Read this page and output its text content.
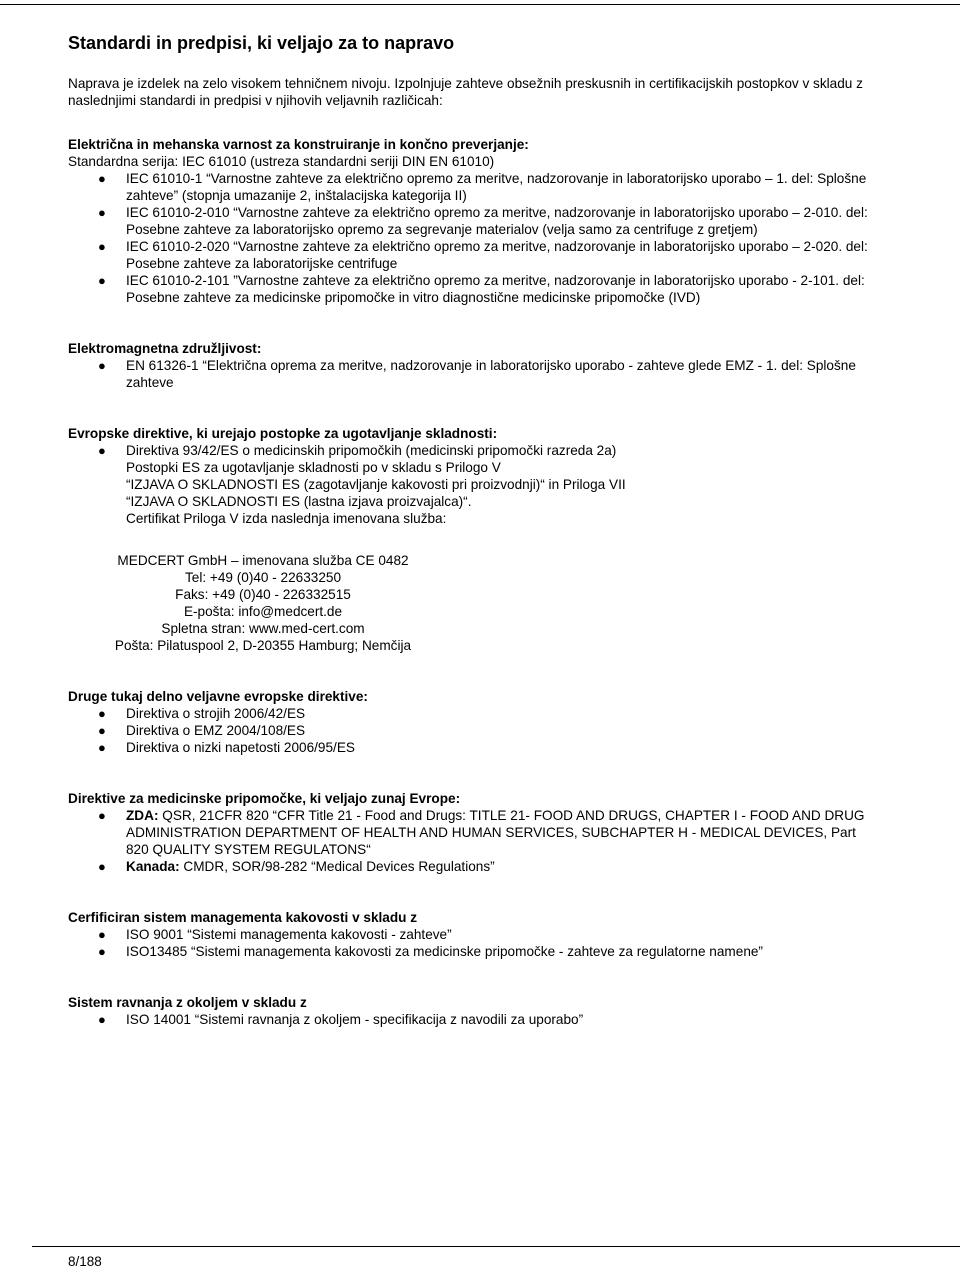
Standardi in predpisi, ki veljajo za to napravo

Naprava je izdelek na zelo visokem tehničnem nivoju. Izpolnjuje zahteve obsežnih preskusnih in certifikacijskih postopkov v skladu z naslednjimi standardi in predpisi v njihovih veljavnih različicah:

Električna in mehanska varnost za konstruiranje in končno preverjanje:

Standardna serija: IEC 61010 (ustreza standardni seriji DIN EN 61010)

● IEC 61010-1 “Varnostne zahteve za električno opremo za meritve, nadzorovanje in laboratorijsko uporabo – 1. del: Splošne zahteve” (stopnja umazanije 2, inštalacijska kategorija II)
● IEC 61010-2-010 “Varnostne zahteve za električno opremo za meritve, nadzorovanje in laboratorijsko uporabo – 2-010. del: Posebne zahteve za laboratorijsko opremo za segrevanje materialov (velja samo za centrifuge z gretjem)
● IEC 61010-2-020 “Varnostne zahteve za električno opremo za meritve, nadzorovanje in laboratorijsko uporabo – 2-020. del: Posebne zahteve za laboratorijske centrifuge
● IEC 61010-2-101 ”Varnostne zahteve za električno opremo za meritve, nadzorovanje in laboratorijsko uporabo - 2-101. del: Posebne zahteve za medicinske pripomočke in vitro diagnostične medicinske pripomočke (IVD)

Elektromagnetna združljivost:

● EN 61326-1 “Električna oprema za meritve, nadzorovanje in laboratorijsko uporabo - zahteve glede EMZ - 1. del: Splošne zahteve

Evropske direktive, ki urejajo postopke za ugotavljanje skladnosti:

● Direktiva 93/42/ES o medicinskih pripomočkih (medicinski pripomočki razreda 2a)

Postopki ES za ugotavljanje skladnosti po v skladu s Prilogo V

“IZJAVA O SKLADNOSTI ES (zagotavljanje kakovosti pri proizvodnji)“ in Priloga VII

“IZJAVA O SKLADNOSTI ES (lastna izjava proizvajalca)“.

Certifikat Priloga V izda naslednja imenovana služba:

MEDCERT GmbH – imenovana služba CE 0482

Tel: +49 (0)40 - 22633250

Faks: +49 (0)40 - 226332515

E-pošta: info@medcert.de

Spletna stran: www.med-cert.com

Pošta: Pilatuspool 2, D-20355 Hamburg; Nemčija

Druge tukaj delno veljavne evropske direktive:

● Direktiva o strojih 2006/42/ES
● Direktiva o EMZ 2004/108/ES
● Direktiva o nizki napetosti 2006/95/ES

Direktive za medicinske pripomočke, ki veljajo zunaj Evrope:

● ZDA: QSR, 21CFR 820 “CFR Title 21 - Food and Drugs: TITLE 21- FOOD AND DRUGS, CHAPTER I - FOOD AND DRUG ADMINISTRATION DEPARTMENT OF HEALTH AND HUMAN SERVICES, SUBCHAPTER H - MEDICAL DEVICES, Part 820 QUALITY SYSTEM REGULATONS“
● Kanada: CMDR, SOR/98-282 “Medical Devices Regulations”

Cerfificiran sistem managementa kakovosti v skladu z

● ISO 9001 “Sistemi managementa kakovosti - zahteve”
● ISO13485 “Sistemi managementa kakovosti za medicinske pripomočke - zahteve za regulatorne namene”

Sistem ravnanja z okoljem v skladu z

● ISO 14001 “Sistemi ravnanja z okoljem - specifikacija z navodili za uporabo”
8/188
